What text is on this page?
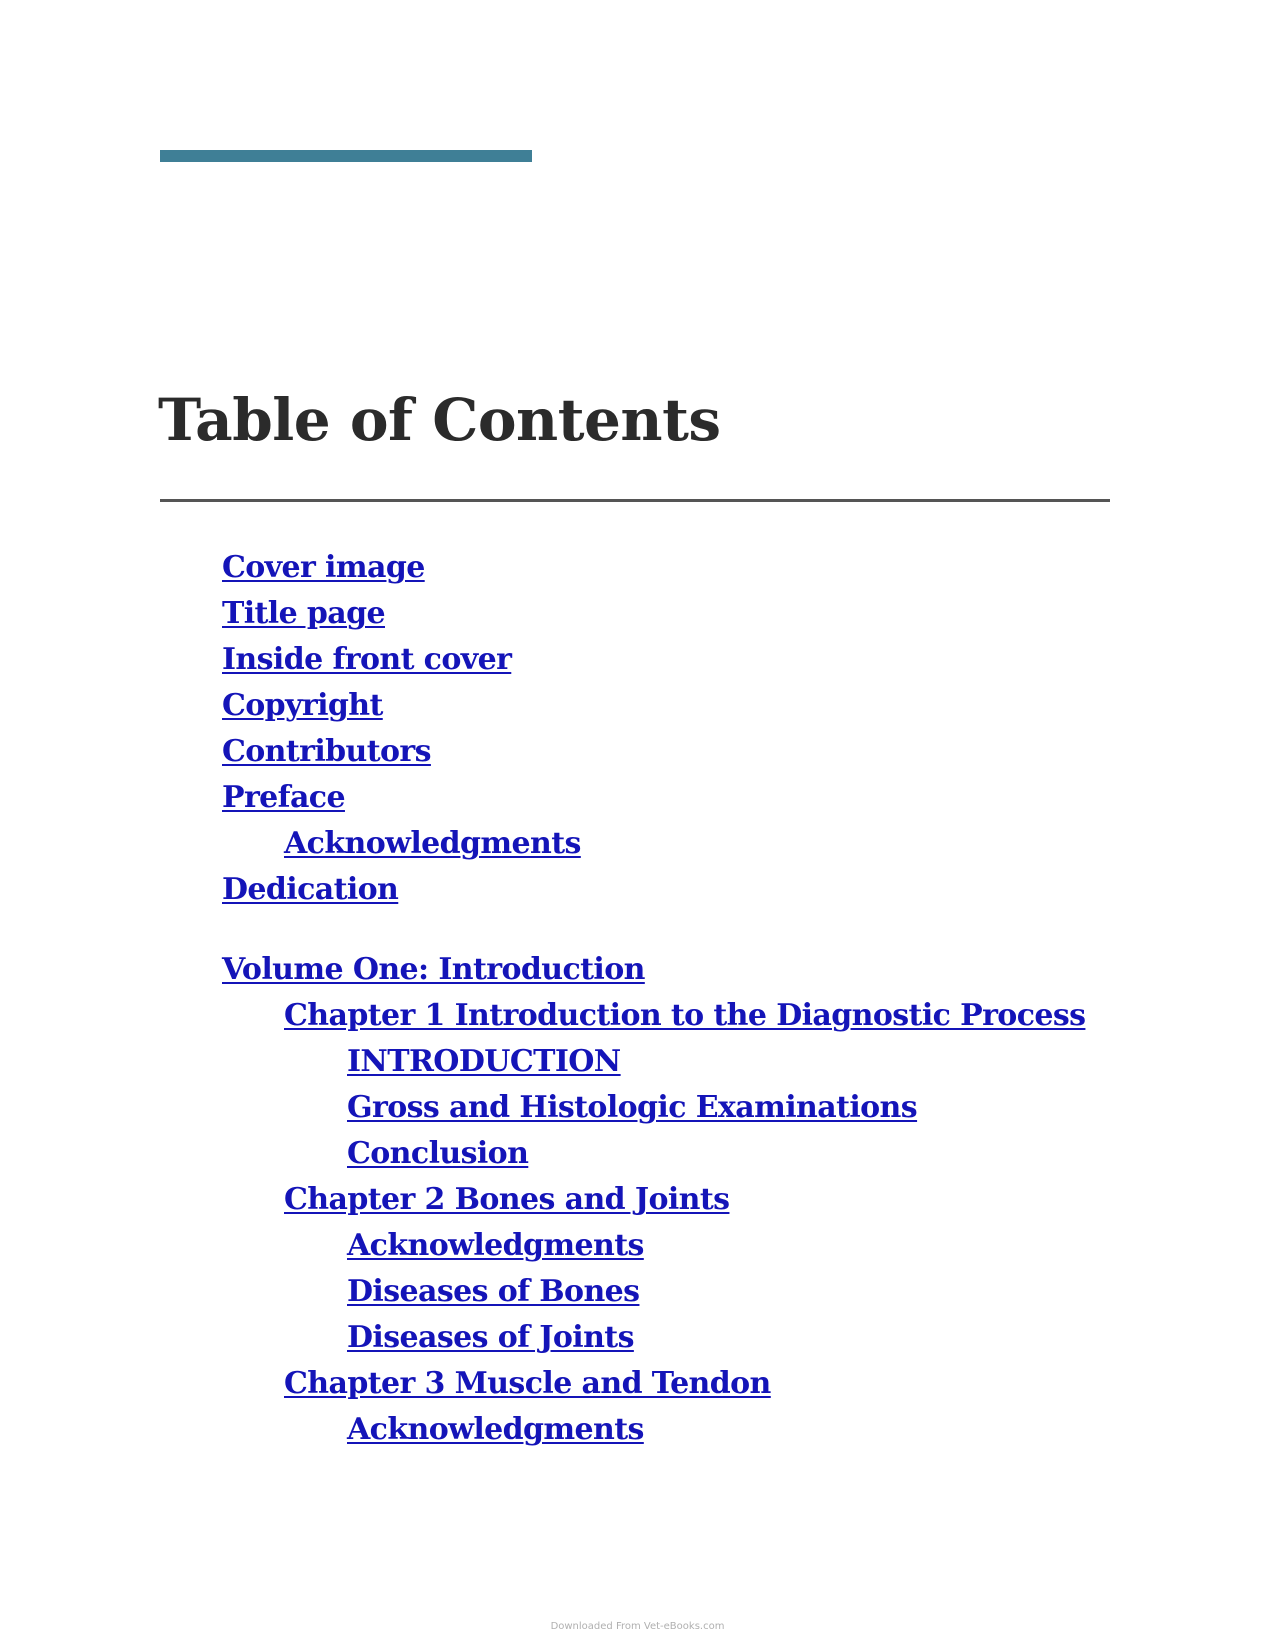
Table of Contents
Cover image
Title page
Inside front cover
Copyright
Contributors
Preface
Acknowledgments
Dedication
Volume One: Introduction
Chapter 1 Introduction to the Diagnostic Process
INTRODUCTION
Gross and Histologic Examinations
Conclusion
Chapter 2 Bones and Joints
Acknowledgments
Diseases of Bones
Diseases of Joints
Chapter 3 Muscle and Tendon
Acknowledgments
Downloaded From Vet-eBooks.com
